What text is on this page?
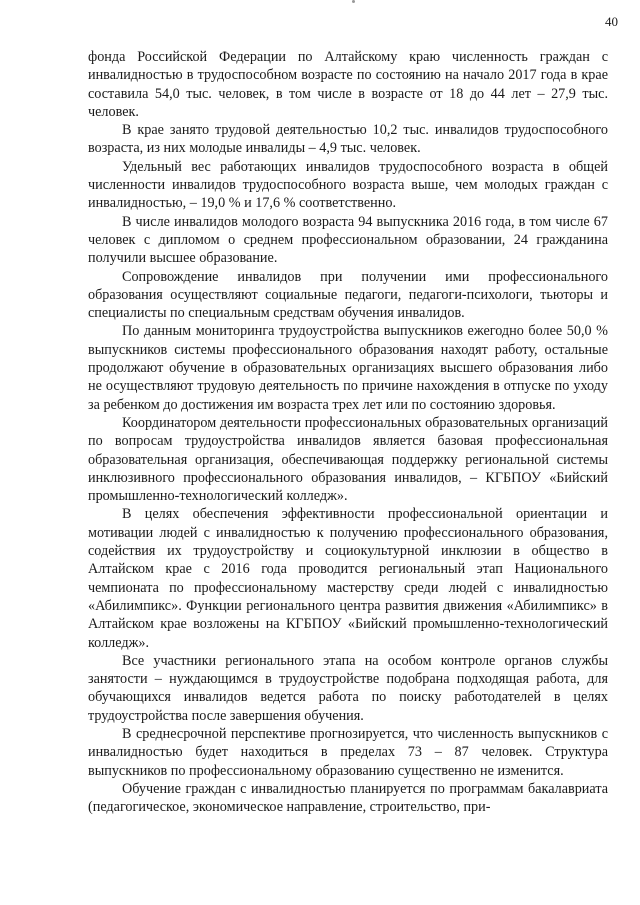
40

фонда Российской Федерации по Алтайскому краю численность граждан с инвалидностью в трудоспособном возрасте по состоянию на начало 2017 года в крае составила 54,0 тыс. человек, в том числе в возрасте от 18 до 44 лет – 27,9 тыс. человек.

В крае занято трудовой деятельностью 10,2 тыс. инвалидов трудоспособного возраста, из них молодые инвалиды – 4,9 тыс. человек.

Удельный вес работающих инвалидов трудоспособного возраста в общей численности инвалидов трудоспособного возраста выше, чем молодых граждан с инвалидностью, – 19,0 % и 17,6 % соответственно.

В числе инвалидов молодого возраста 94 выпускника 2016 года, в том числе 67 человек с дипломом о среднем профессиональном образовании, 24 гражданина получили высшее образование.

Сопровождение инвалидов при получении ими профессионального образования осуществляют социальные педагоги, педагоги-психологи, тьюторы и специалисты по специальным средствам обучения инвалидов.

По данным мониторинга трудоустройства выпускников ежегодно более 50,0 % выпускников системы профессионального образования находят работу, остальные продолжают обучение в образовательных организациях высшего образования либо не осуществляют трудовую деятельность по причине нахождения в отпуске по уходу за ребенком до достижения им возраста трех лет или по состоянию здоровья.

Координатором деятельности профессиональных образовательных организаций по вопросам трудоустройства инвалидов является базовая профессиональная образовательная организация, обеспечивающая поддержку региональной системы инклюзивного профессионального образования инвалидов, – КГБПОУ «Бийский промышленно-технологический колледж».

В целях обеспечения эффективности профессиональной ориентации и мотивации людей с инвалидностью к получению профессионального образования, содействия их трудоустройству и социокультурной инклюзии в общество в Алтайском крае с 2016 года проводится региональный этап Национального чемпионата по профессиональному мастерству среди людей с инвалидностью «Абилимпикс». Функции регионального центра развития движения «Абилимпикс» в Алтайском крае возложены на КГБПОУ «Бийский промышленно-технологический колледж».

Все участники регионального этапа на особом контроле органов службы занятости – нуждающимся в трудоустройстве подобрана подходящая работа, для обучающихся инвалидов ведется работа по поиску работодателей в целях трудоустройства после завершения обучения.

В среднесрочной перспективе прогнозируется, что численность выпускников с инвалидностью будет находиться в пределах 73 – 87 человек. Структура выпускников по профессиональному образованию существенно не изменится.

Обучение граждан с инвалидностью планируется по программам бакалавриата (педагогическое, экономическое направление, строительство, при-
